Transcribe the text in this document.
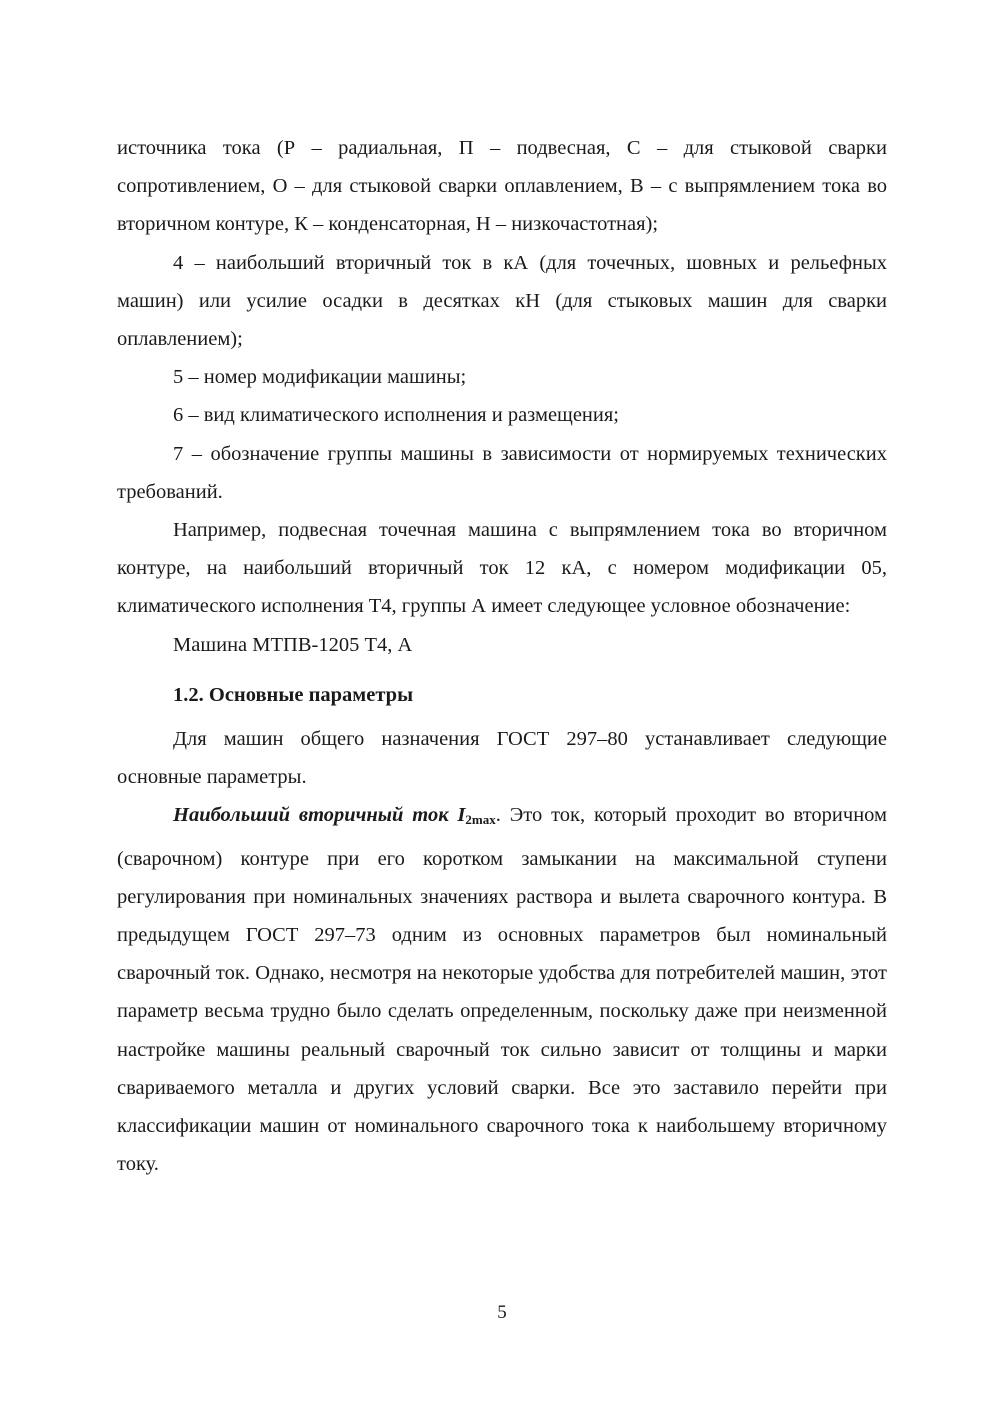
источника тока (Р – радиальная, П – подвесная, С – для стыковой сварки сопротивлением, О – для стыковой сварки оплавлением, В – с выпрямлением тока во вторичном контуре, К – конденсаторная, Н – низкочастотная);

4 – наибольший вторичный ток в кА (для точечных, шовных и рельефных машин) или усилие осадки в десятках кН (для стыковых машин для сварки оплавлением);

5 – номер модификации машины;

6 – вид климатического исполнения и размещения;

7 – обозначение группы машины в зависимости от нормируемых технических требований.

Например, подвесная точечная машина с выпрямлением тока во вторичном контуре, на наибольший вторичный ток 12 кА, с номером модификации 05, климатического исполнения Т4, группы А имеет следующее условное обозначение:

Машина МТПВ-1205 Т4, А

1.2. Основные параметры

Для машин общего назначения ГОСТ 297–80 устанавливает следующие основные параметры.

Наибольший вторичный ток $I_{2max}$. Это ток, который проходит во вторичном (сварочном) контуре при его коротком замыкании на максимальной ступени регулирования при номинальных значениях раствора и вылета сварочного контура. В предыдущем ГОСТ 297–73 одним из основных параметров был номинальный сварочный ток. Однако, несмотря на некоторые удобства для потребителей машин, этот параметр весьма трудно было сделать определенным, поскольку даже при неизменной настройке машины реальный сварочный ток сильно зависит от толщины и марки свариваемого металла и других условий сварки. Все это заставило перейти при классификации машин от номинального сварочного тока к наибольшему вторичному току.

5
